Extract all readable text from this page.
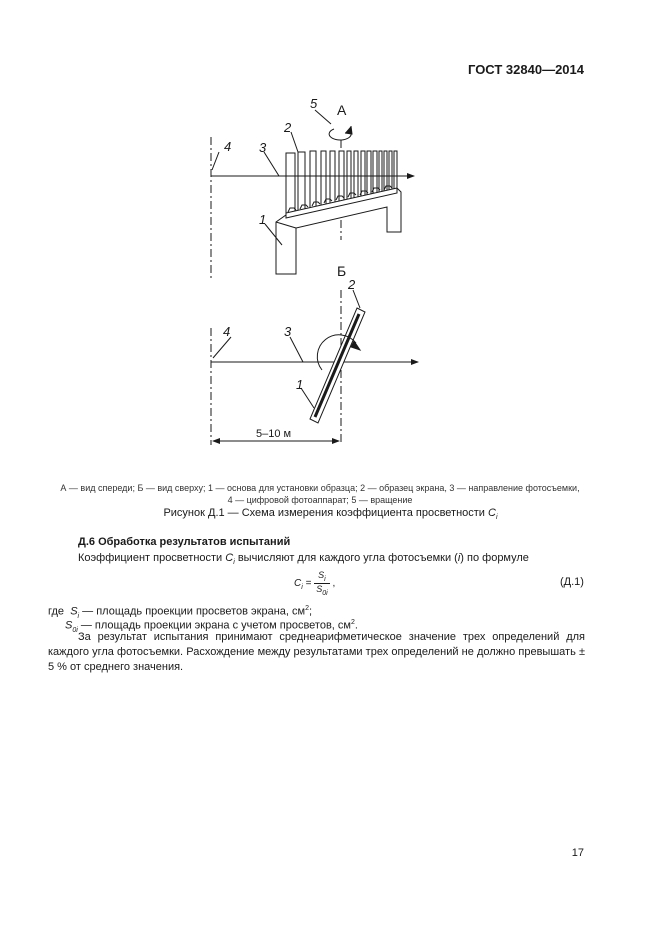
ГОСТ 32840—2014
А
5
2
3
4
1
Б
2
4	3
1
5–10 м
А — вид спереди; Б — вид сверху; 1 — основа для установки образца; 2 — образец экрана, 3 — направление фотосъемки,
4 — цифровой фотоаппарат; 5 — вращение
Рисунок Д.1 — Схема измерения коэффициента просветности $C_i$
Д.6 Обработка результатов испытаний
Коэффициент просветности $C_i$ вычисляют для каждого угла фотосъемки (i) по формуле
$C_i = \frac{S_i}{S_{0i}}$ ,	(Д.1)
где $S_i$ — площадь проекции просветов экрана, $см^2$;
$S_{0i}$ — площадь проекции экрана с учетом просветов, $см^2$.
За результат испытания принимают среднеарифметическое значение трех определений для каждого угла фотосъемки. Расхождение между результатами трех определений не должно превышать ± 5 % от среднего значения.
17
